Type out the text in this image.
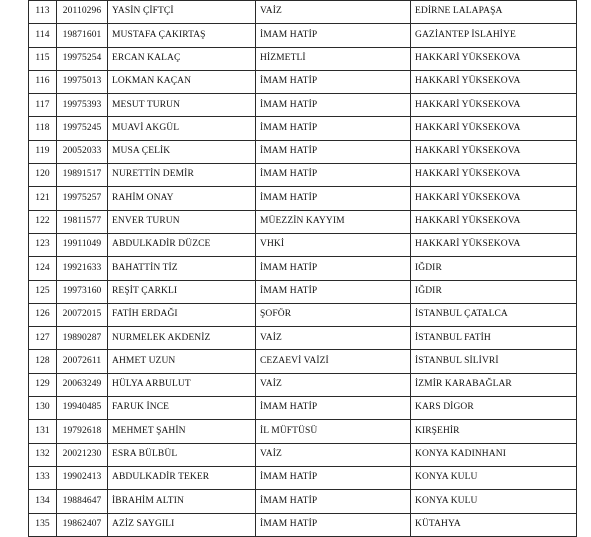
113	20110296	YASİN ÇİFTÇİ	VAİZ	EDİRNE LALAPAŞA
114	19871601	MUSTAFA ÇAKIRTAŞ	İMAM HATİP	GAZİANTEP İSLAHİYE
115	19975254	ERCAN KALAÇ	HİZMETLİ	HAKKARİ YÜKSEKOVA
116	19975013	LOKMAN KAÇAN	İMAM HATİP	HAKKARİ YÜKSEKOVA
117	19975393	MESUT TURUN	İMAM HATİP	HAKKARİ YÜKSEKOVA
118	19975245	MUAVİ AKGÜL	İMAM HATİP	HAKKARİ YÜKSEKOVA
119	20052033	MUSA ÇELİK	İMAM HATİP	HAKKARİ YÜKSEKOVA
120	19891517	NURETTİN DEMİR	İMAM HATİP	HAKKARİ YÜKSEKOVA
121	19975257	RAHİM ONAY	İMAM HATİP	HAKKARİ YÜKSEKOVA
122	19811577	ENVER TURUN	MÜEZZİN KAYYIM	HAKKARİ YÜKSEKOVA
123	19911049	ABDULKADİR DÜZCE	VHKİ	HAKKARİ YÜKSEKOVA
124	19921633	BAHATTİN TİZ	İMAM HATİP	IĞDIR
125	19973160	REŞİT ÇARKLI	İMAM HATİP	IĞDIR
126	20072015	FATİH ERDAĞI	ŞOFÖR	İSTANBUL ÇATALCA
127	19890287	NURMELEK AKDENİZ	VAİZ	İSTANBUL FATİH
128	20072611	AHMET UZUN	CEZAEVİ VAİZİ	İSTANBUL SİLİVRİ
129	20063249	HÜLYA ARBULUT	VAİZ	İZMİR KARABAĞLAR
130	19940485	FARUK İNCE	İMAM HATİP	KARS DİGOR
131	19792618	MEHMET ŞAHİN	İL MÜFTÜSÜ	KIRŞEHİR
132	20021230	ESRA BÜLBÜL	VAİZ	KONYA KADINHANI
133	19902413	ABDULKADİR TEKER	İMAM HATİP	KONYA KULU
134	19884647	İBRAHİM ALTIN	İMAM HATİP	KONYA KULU
135	19862407	AZİZ SAYGILI	İMAM HATİP	KÜTAHYA
